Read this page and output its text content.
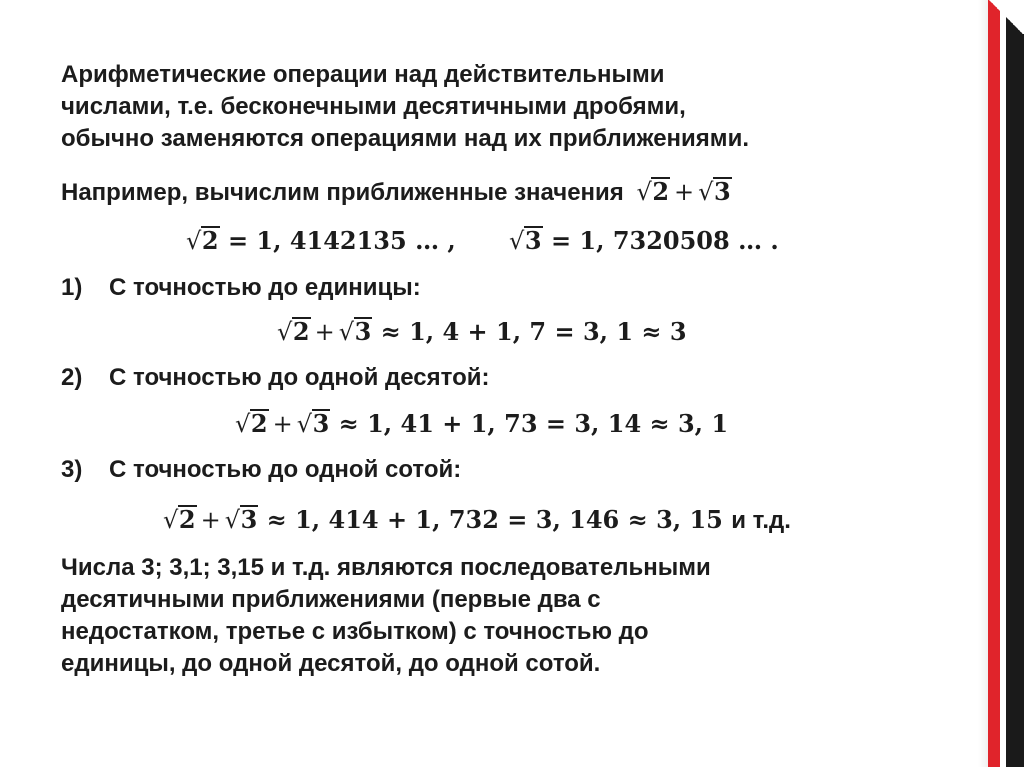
Арифметические операции над действительными

числами, т.е. бесконечными десятичными дробями,

обычно заменяются операциями над их приближениями.

Например, вычислим приближенные значения √ 2 + √ 3
√ 2 = 1, 4142135 … , √ 3 = 1, 7320508 … .
1) С точностью до единицы:
√ 2 + √ 3 ≈ 1, 4 + 1, 7 = 3, 1 ≈ 3
2) С точностью до одной десятой:
√ 2 + √ 3 ≈ 1, 41 + 1, 73 = 3, 14 ≈ 3, 1
3) С точностью до одной сотой:
√ 2 + √ 3 ≈ 1, 414 + 1, 732 = 3, 146 ≈ 3, 15 и т.д.

Числа 3; 3,1; 3,15 и т.д. являются последовательными

десятичными приближениями (первые два с

недостатком, третье с избытком) с точностью до

единицы, до одной десятой, до одной сотой.
